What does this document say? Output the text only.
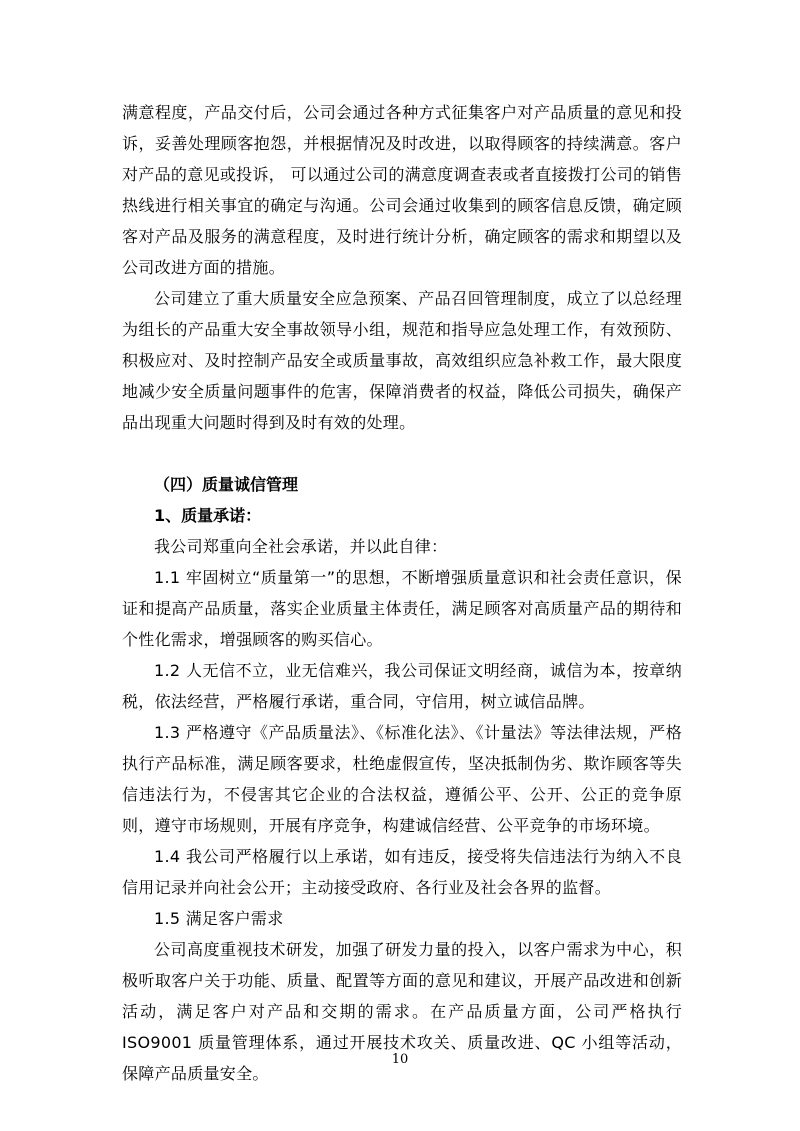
满意程度，产品交付后，公司会通过各种方式征集客户对产品质量的意见和投诉，妥善处理顾客抱怨，并根据情况及时改进，以取得顾客的持续满意。客户对产品的意见或投诉， 可以通过公司的满意度调查表或者直接拨打公司的销售热线进行相关事宜的确定与沟通。公司会通过收集到的顾客信息反馈，确定顾客对产品及服务的满意程度，及时进行统计分析，确定顾客的需求和期望以及公司改进方面的措施。

公司建立了重大质量安全应急预案、产品召回管理制度，成立了以总经理为组长的产品重大安全事故领导小组，规范和指导应急处理工作，有效预防、积极应对、及时控制产品安全或质量事故，高效组织应急补救工作，最大限度地减少安全质量问题事件的危害，保障消费者的权益，降低公司损失，确保产品出现重大问题时得到及时有效的处理。

（四）质量诚信管理

1、质量承诺：

我公司郑重向全社会承诺，并以此自律：

1.1 牢固树立“质量第一”的思想，不断增强质量意识和社会责任意识，保证和提高产品质量，落实企业质量主体责任，满足顾客对高质量产品的期待和个性化需求，增强顾客的购买信心。

1.2 人无信不立，业无信难兴，我公司保证文明经商，诚信为本，按章纳税，依法经营，严格履行承诺，重合同，守信用，树立诚信品牌。

1.3 严格遵守《产品质量法》、《标准化法》、《计量法》等法律法规，严格执行产品标准，满足顾客要求，杜绝虚假宣传，坚决抵制伪劣、欺诈顾客等失信违法行为，不侵害其它企业的合法权益，遵循公平、公开、公正的竞争原则，遵守市场规则，开展有序竞争，构建诚信经营、公平竞争的市场环境。

1.4 我公司严格履行以上承诺，如有违反，接受将失信违法行为纳入不良信用记录并向社会公开；主动接受政府、各行业及社会各界的监督。

1.5 满足客户需求

公司高度重视技术研发，加强了研发力量的投入，以客户需求为中心，积极听取客户关于功能、质量、配置等方面的意见和建议，开展产品改进和创新活动，满足客户对产品和交期的需求。在产品质量方面，公司严格执行 ISO9001 质量管理体系，通过开展技术攻关、质量改进、QC 小组等活动，保障产品质量安全。

10
